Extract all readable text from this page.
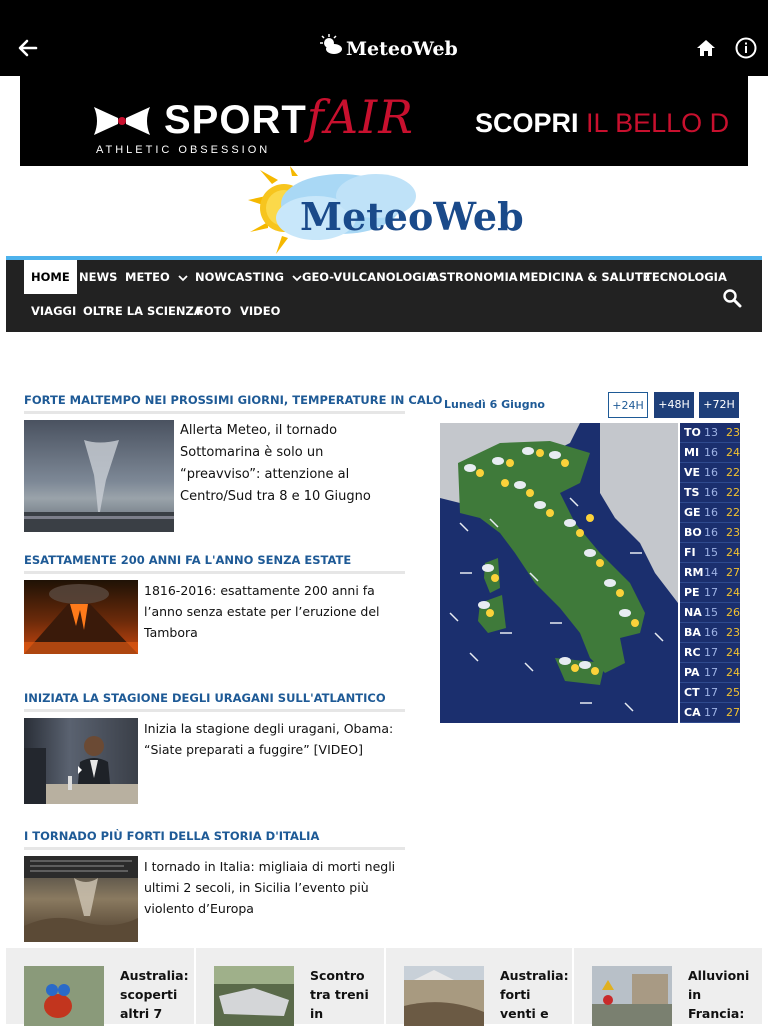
MeteoWeb
SPORTfAIR
ATHLETIC OBSESSION
SCOPRI IL BELLO D
MeteoWeb
HOME NEWS METEO	NOWCASTING	GEO-VULCANOLOGIA
ASTRONOMIA MEDICINA & SALUTE
TECNOLOGIA
VIAGGI OLTRE LA SCIENZA
FOTO VIDEO
FORTE MALTEMPO NEI PROSSIMI GIORNI, TEMPERATURE IN CALO
Allerta Meteo, il tornado Sottomarina è solo un “preavviso”: attenzione al Centro/Sud tra 8 e 10 Giugno
ESATTAMENTE 200 ANNI FA L'ANNO SENZA ESTATE
1816-2016: esattamente 200 anni fa l’anno senza estate per l’eruzione del Tambora
INIZIATA LA STAGIONE DEGLI URAGANI SULL'ATLANTICO
Inizia la stagione degli uragani, Obama: “Siate preparati a fuggire” [VIDEO]
I TORNADO PIÙ FORTI DELLA STORIA D'ITALIA
I tornado in Italia: migliaia di morti negli ultimi 2 secoli, in Sicilia l’evento più violento d’Europa
Lunedì 6 Giugno	+24H	+48H	+72H
TO 13 23
MI 16 24
VE 16 22
TS 16 22
GE 16 22
BO 16 23
FI 15 24
RM 14 27
PE 17 24
NA 15 26
BA 16 23
RC 17 24
PA 17 24
CT 17 25
CA 17 27
Australia: scoperti altri 7
Scontro tra treni in
Australia: forti venti e
Alluvioni in Francia:
